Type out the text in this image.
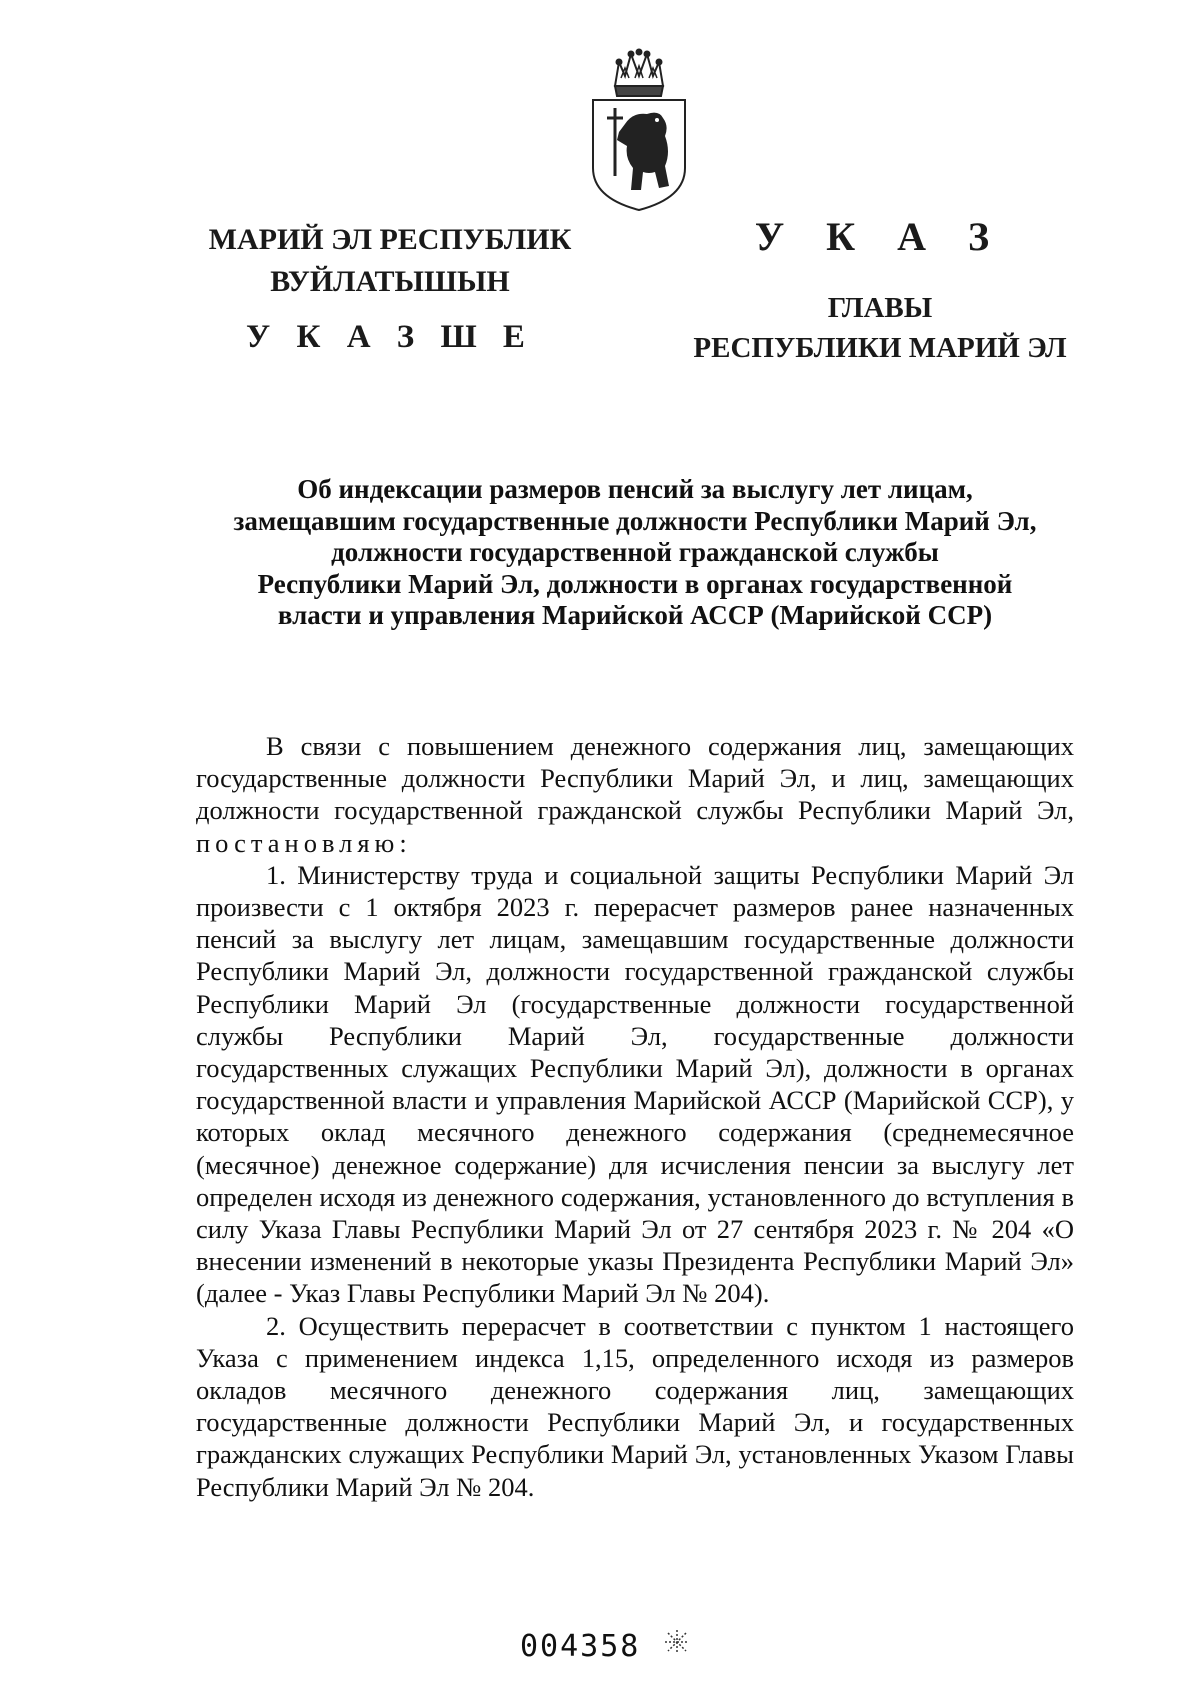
МАРИЙ ЭЛ РЕСПУБЛИК
ВУЙЛАТЫШЫН
У К А З Ш Е
У К А З
ГЛАВЫ
РЕСПУБЛИКИ МАРИЙ ЭЛ
Об индексации размеров пенсий за выслугу лет лицам,
замещавшим государственные должности Республики Марий Эл,
должности государственной гражданской службы
Республики Марий Эл, должности в органах государственной
власти и управления Марийской АССР (Марийской ССР)

В связи с повышением денежного содержания лиц, замещающих государственные должности Республики Марий Эл, и лиц, замещающих должности государственной гражданской службы Республики Марий Эл, постановляю:

1. Министерству труда и социальной защиты Республики Марий Эл произвести с 1 октября 2023 г. перерасчет размеров ранее назначенных пенсий за выслугу лет лицам, замещавшим государственные должности Республики Марий Эл, должности государственной гражданской службы Республики Марий Эл (государственные должности государственной службы Республики Марий Эл, государственные должности государственных служащих Республики Марий Эл), должности в органах государственной власти и управления Марийской АССР (Марийской ССР), у которых оклад месячного денежного содержания (среднемесячное (месячное) денежное содержание) для исчисления пенсии за выслугу лет определен исходя из денежного содержания, установленного до вступления в силу Указа Главы Республики Марий Эл от 27 сентября 2023 г. № 204 «О внесении изменений в некоторые указы Президента Республики Марий Эл» (далее - Указ Главы Республики Марий Эл № 204).

2. Осуществить перерасчет в соответствии с пунктом 1 настоящего Указа с применением индекса 1,15, определенного исходя из размеров окладов месячного денежного содержания лиц, замещающих государственные должности Республики Марий Эл, и государственных гражданских служащих Республики Марий Эл, установленных Указом Главы Республики Марий Эл № 204.

004358
